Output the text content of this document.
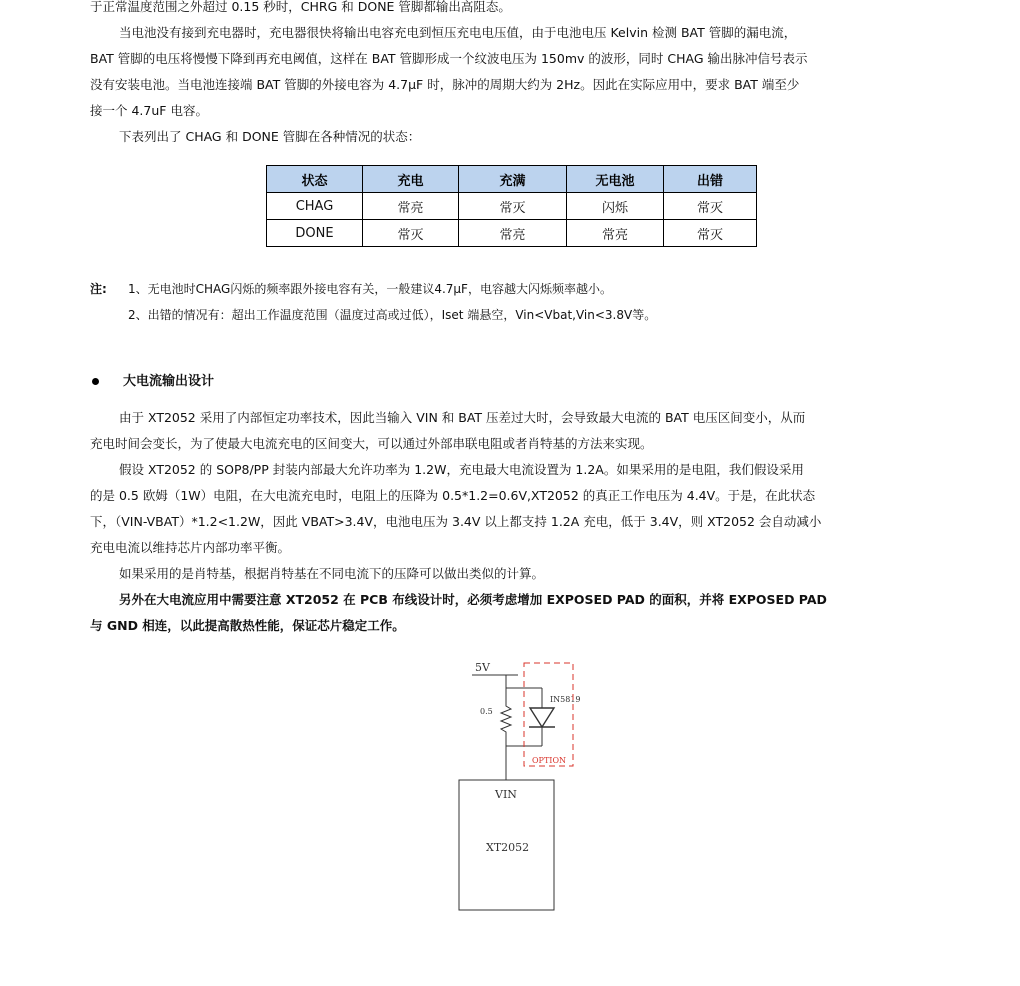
于正常温度范围之外超过 0.15 秒时，CHRG 和 DONE 管脚都输出高阻态。
当电池没有接到充电器时，充电器很快将输出电容充电到恒压充电电压值，由于电池电压 Kelvin 检测 BAT 管脚的漏电流，
BAT 管脚的电压将慢慢下降到再充电阈值，这样在 BAT 管脚形成一个纹波电压为 150mv 的波形，同时 CHAG 输出脉冲信号表示
没有安装电池。当电池连接端 BAT 管脚的外接电容为 4.7μF 时，脉冲的周期大约为 2Hz。因此在实际应用中，要求 BAT 端至少
接一个 4.7uF 电容。
下表列出了 CHAG 和 DONE 管脚在各种情况的状态：
状态	充电	充满	无电池	出错
CHAG	常亮	常灭	闪烁	常灭
DONE	常灭	常亮	常亮	常灭
注: 1、无电池时CHAG闪烁的频率跟外接电容有关，一般建议4.7μF，电容越大闪烁频率越小。
2、出错的情况有：超出工作温度范围（温度过高或过低），Iset 端悬空，Vin<Vbat,Vin<3.8V等。
大电流输出设计
由于 XT2052 采用了内部恒定功率技术，因此当输入 VIN 和 BAT 压差过大时，会导致最大电流的 BAT 电压区间变小，从而
充电时间会变长，为了使最大电流充电的区间变大，可以通过外部串联电阻或者肖特基的方法来实现。
假设 XT2052 的 SOP8/PP 封装内部最大允许功率为 1.2W，充电最大电流设置为 1.2A。如果采用的是电阻，我们假设采用
的是 0.5 欧姆（1W）电阻，在大电流充电时，电阻上的压降为 0.5*1.2=0.6V,XT2052 的真正工作电压为 4.4V。于是，在此状态
下，（VIN-VBAT）*1.2<1.2W，因此 VBAT>3.4V，电池电压为 3.4V 以上都支持 1.2A 充电，低于 3.4V，则 XT2052 会自动减小
充电电流以维持芯片内部功率平衡。
如果采用的是肖特基，根据肖特基在不同电流下的压降可以做出类似的计算。
另外在大电流应用中需要注意 XT2052 在 PCB 布线设计时，必须考虑增加 EXPOSED PAD 的面积，并将 EXPOSED PAD
与 GND 相连，以此提高散热性能，保证芯片稳定工作。
5V
0.5
IN5819
OPTION
VIN
XT2052
